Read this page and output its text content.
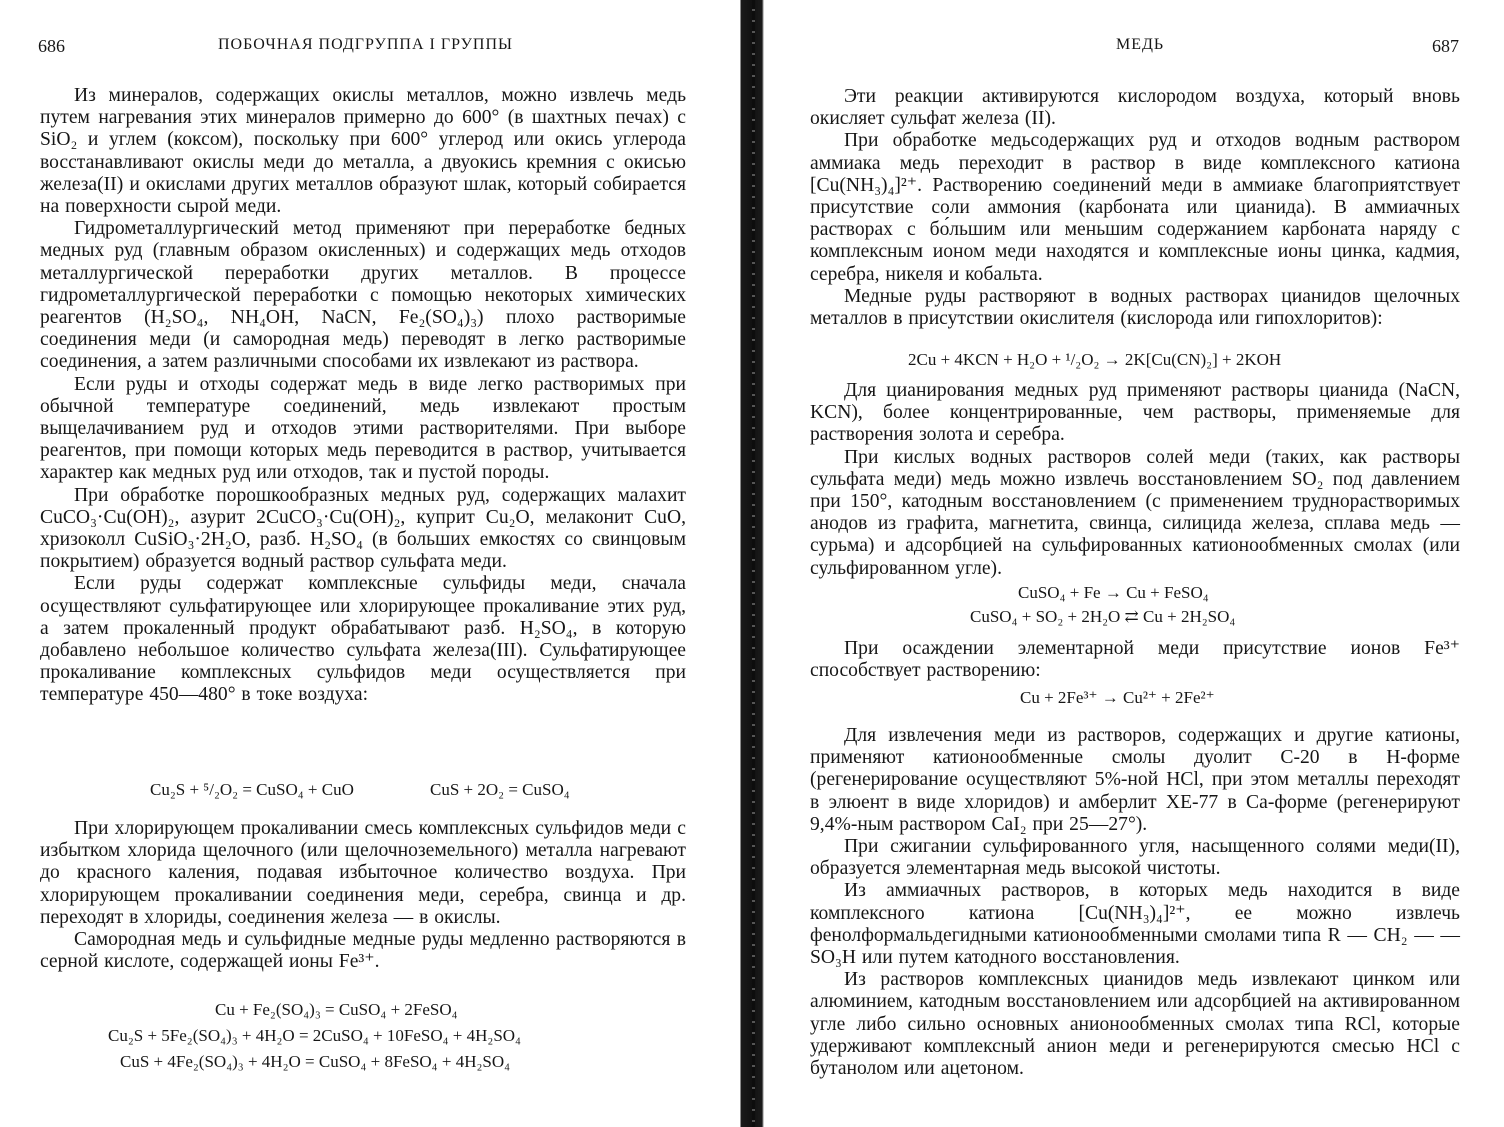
686	ПОБОЧНАЯ ПОДГРУППА I ГРУППЫ

Из минералов, содержащих окислы металлов, можно извлечь медь путем нагревания этих минералов примерно до 600° (в шахтных печах) с SiO₂ и углем (коксом), поскольку при 600° углерод или окись углерода восстанавливают окислы меди до металла, а двуокись кремния с окисью железа(II) и окислами других металлов образуют шлак, который собирается на поверхности сырой меди.

Гидрометаллургический метод применяют при переработке бедных медных руд (главным образом окисленных) и содержащих медь отходов металлургической переработки других металлов. В процессе гидрометаллургической переработки с помощью некоторых химических реагентов (H₂SO₄, NH₄OH, NaCN, Fe₂(SO₄)₃) плохо растворимые соединения меди (и самородная медь) переводят в легко растворимые соединения, а затем различными способами их извлекают из раствора.

Если руды и отходы содержат медь в виде легко растворимых при обычной температуре соединений, медь извлекают простым выщелачиванием руд и отходов этими растворителями. При выборе реагентов, при помощи которых медь переводится в раствор, учитывается характер как медных руд или отходов, так и пустой породы.

При обработке порошкообразных медных руд, содержащих малахит CuCO₃·Cu(OH)₂, азурит 2CuCO₃·Cu(OH)₂, куприт Cu₂O, мелаконит CuO, хризоколл CuSiO₃·2H₂O, разб. H₂SO₄ (в больших емкостях со свинцовым покрытием) образуется водный раствор сульфата меди.

Если руды содержат комплексные сульфиды меди, сначала осуществляют сульфатирующее или хлорирующее прокаливание этих руд, а затем прокаленный продукт обрабатывают разб. H₂SO₄, в которую добавлено небольшое количество сульфата железа(III). Сульфатирующее прокаливание комплексных сульфидов меди осуществляется при температуре 450—480° в токе воздуха:

Cu₂S + ⁵/₂O₂ = CuSO₄ + CuO	CuS + 2O₂ = CuSO₄

При хлорирующем прокаливании смесь комплексных сульфидов меди с избытком хлорида щелочного (или щелочноземельного) металла нагревают до красного каления, подавая избыточное количество воздуха. При хлорирующем прокаливании соединения меди, серебра, свинца и др. переходят в хлориды, соединения железа — в окислы.

Самородная медь и сульфидные медные руды медленно растворяются в серной кислоте, содержащей ионы Fe³⁺.

Cu + Fe₂(SO₄)₃ = CuSO₄ + 2FeSO₄
Cu₂S + 5Fe₂(SO₄)₃ + 4H₂O = 2CuSO₄ + 10FeSO₄ + 4H₂SO₄
CuS + 4Fe₂(SO₄)₃ + 4H₂O = CuSO₄ + 8FeSO₄ + 4H₂SO₄
МЕДЬ	687

Эти реакции активируются кислородом воздуха, который вновь окисляет сульфат железа (II).

При обработке медьсодержащих руд и отходов водным раствором аммиака медь переходит в раствор в виде комплексного катиона [Cu(NH₃)₄]²⁺. Растворению соединений меди в аммиаке благоприятствует присутствие соли аммония (карбоната или цианида). В аммиачных растворах с бо́льшим или меньшим содержанием карбоната наряду с комплексным ионом меди находятся и комплексные ионы цинка, кадмия, серебра, никеля и кобальта.

Медные руды растворяют в водных растворах цианидов щелочных металлов в присутствии окислителя (кислорода или гипохлоритов):

2Cu + 4KCN + H₂O + ¹/₂O₂ → 2K[Cu(CN)₂] + 2KOH

Для цианирования медных руд применяют растворы цианида (NaCN, KCN), более концентрированные, чем растворы, применяемые для растворения золота и серебра.

При кислых водных растворов солей меди (таких, как растворы сульфата меди) медь можно извлечь восстановлением SO₂ под давлением при 150°, катодным восстановлением (с применением труднорастворимых анодов из графита, магнетита, свинца, силицида железа, сплава медь — сурьма) и адсорбцией на сульфированных катионообменных смолах (или сульфированном угле).

CuSO₄ + Fe → Cu + FeSO₄
CuSO₄ + SO₂ + 2H₂O ⇄ Cu + 2H₂SO₄

При осаждении элементарной меди присутствие ионов Fe³⁺ способствует растворению:

Cu + 2Fe³⁺ → Cu²⁺ + 2Fe²⁺

Для извлечения меди из растворов, содержащих и другие катионы, применяют катионообменные смолы дуолит С-20 в Н-форме (регенерирование осуществляют 5%-ной HCl, при этом металлы переходят в элюент в виде хлоридов) и амберлит ХЕ-77 в Са-форме (регенерируют 9,4%-ным раствором CaI₂ при 25—27°).

При сжигании сульфированного угля, насыщенного солями меди(II), образуется элементарная медь высокой чистоты.

Из аммиачных растворов, в которых медь находится в виде комплексного катиона [Cu(NH₃)₄]²⁺, ее можно извлечь фенолформальдегидными катионообменными смолами типа R — CH₂ — — SO₃H или путем катодного восстановления.

Из растворов комплексных цианидов медь извлекают цинком или алюминием, катодным восстановлением или адсорбцией на активированном угле либо сильно основных анионообменных смолах типа RCl, которые удерживают комплексный анион меди и регенерируются смесью HCl с бутанолом или ацетоном.
